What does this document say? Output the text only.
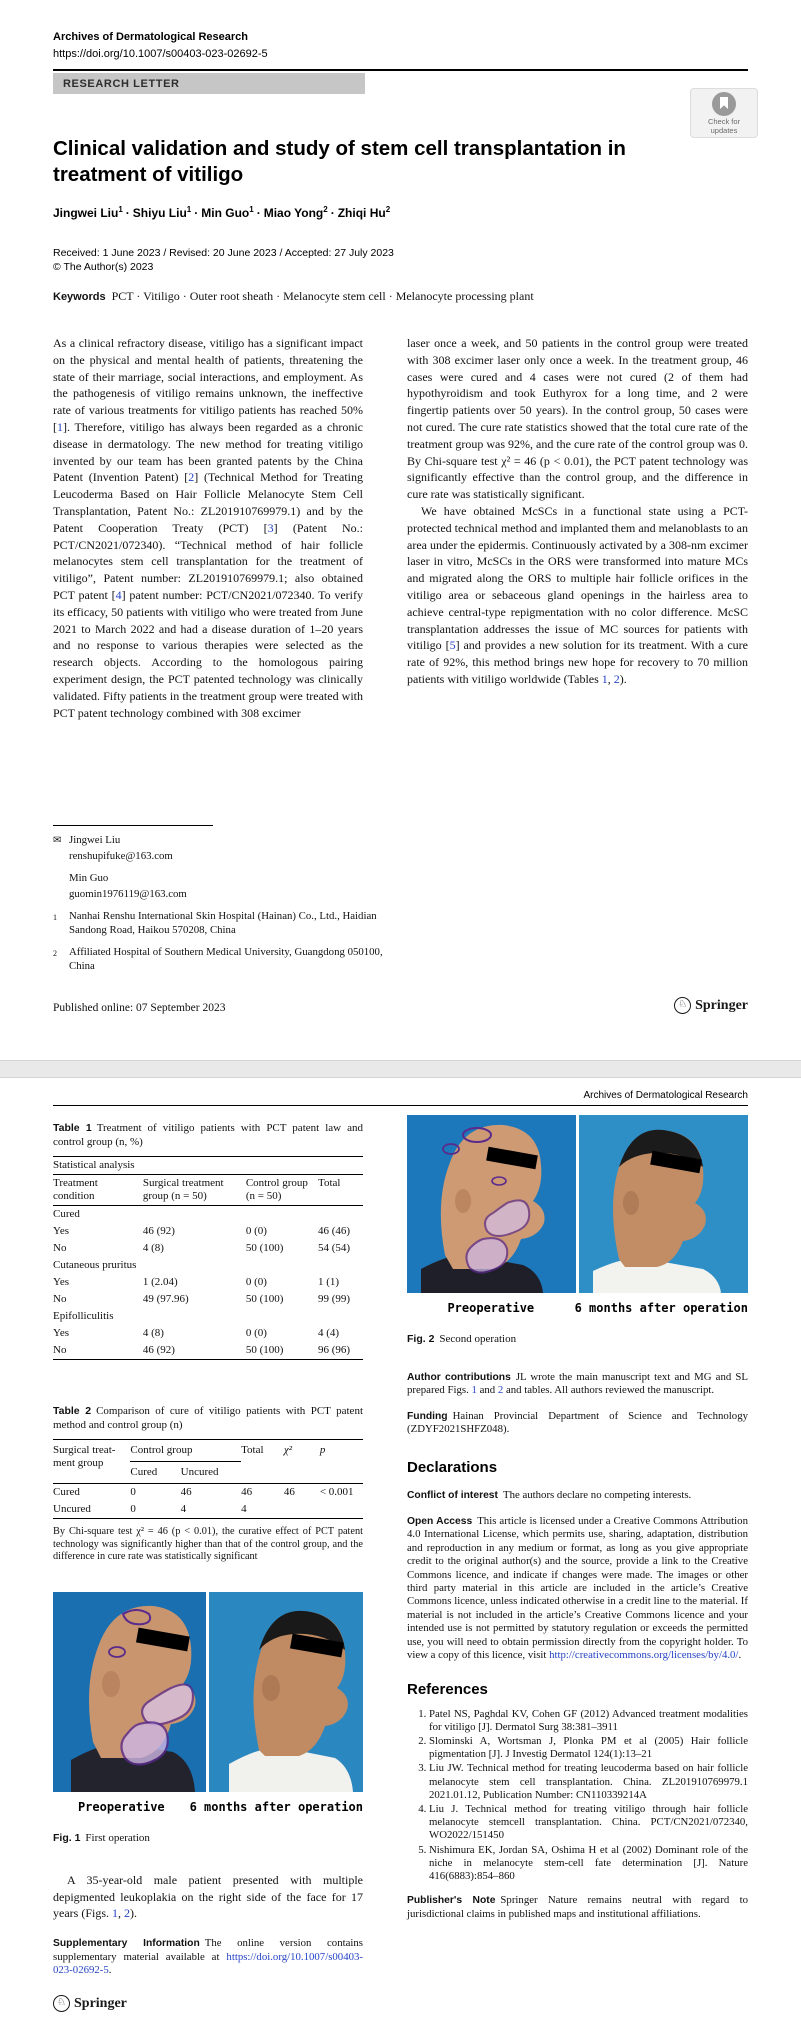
Archives of Dermatological Research
https://doi.org/10.1007/s00403-023-02692-5
RESEARCH LETTER
Check for
updates
Clinical validation and study of stem cell transplantation in treatment of vitiligo
Jingwei Liu$^1$ · Shiyu Liu$^1$ · Min Guo$^1$ · Miao Yong$^2$ · Zhiqi Hu$^2$
Received: 1 June 2023 / Revised: 20 June 2023 / Accepted: 27 July 2023
© The Author(s) 2023
Keywords PCT · Vitiligo · Outer root sheath · Melanocyte stem cell · Melanocyte processing plant

As a clinical refractory disease, vitiligo has a significant impact on the physical and mental health of patients, threatening the state of their marriage, social interactions, and employment. As the pathogenesis of vitiligo remains unknown, the ineffective rate of various treatments for vitiligo patients has reached 50% [1]. Therefore, vitiligo has always been regarded as a chronic disease in dermatology. The new method for treating vitiligo invented by our team has been granted patents by the China Patent (Invention Patent) [2] (Technical Method for Treating Leucoderma Based on Hair Follicle Melanocyte Stem Cell Transplantation, Patent No.: ZL201910769979.1) and by the Patent Cooperation Treaty (PCT) [3] (Patent No.: PCT/CN2021/072340). “Technical method of hair follicle melanocytes stem cell transplantation for the treatment of vitiligo”, Patent number: ZL201910769979.1; also obtained PCT patent [4] patent number: PCT/CN2021/072340. To verify its efficacy, 50 patients with vitiligo who were treated from June 2021 to March 2022 and had a disease duration of 1–20 years and no response to various therapies were selected as the research objects. According to the homologous pairing experiment design, the PCT patented technology was clinically validated. Fifty patients in the treatment group were treated with PCT patent technology combined with 308 excimer

laser once a week, and 50 patients in the control group were treated with 308 excimer laser only once a week. In the treatment group, 46 cases were cured and 4 cases were not cured (2 of them had hypothyroidism and took Euthyrox for a long time, and 2 were fingertip patients over 50 years). In the control group, 50 cases were not cured. The cure rate statistics showed that the total cure rate of the treatment group was 92%, and the cure rate of the control group was 0. By Chi-square test χ² = 46 (p < 0.01), the PCT patent technology was significantly effective than the control group, and the difference in cure rate was statistically significant.

We have obtained McSCs in a functional state using a PCT-protected technical method and implanted them and melanoblasts to an area under the epidermis. Continuously activated by a 308-nm excimer laser in vitro, McSCs in the ORS were transformed into mature MCs and migrated along the ORS to multiple hair follicle orifices in the vitiligo area or sebaceous gland openings in the hairless area to achieve central-type repigmentation with no color difference. McSC transplantation addresses the issue of MC sources for patients with vitiligo [5] and provides a new solution for its treatment. With a cure rate of 92%, this method brings new hope for recovery to 70 million patients with vitiligo worldwide (Tables 1, 2).

✉ Jingwei Liu
renshupifuke@163.com
Min Guo
guomin1976119@163.com
1	Nanhai Renshu International Skin Hospital (Hainan) Co., Ltd., Haidian Sandong Road, Haikou 570208, China
2	Affiliated Hospital of Southern Medical University, Guangdong 050100, China
Published online: 07 September 2023	♘ Springer
Archives of Dermatological Research
Table 1 Treatment of vitiligo patients with PCT patent law and control group (n, %)
Statistical analysis			
Treatment condition	Surgical treatment group (n = 50)	Control group (n = 50)	Total
Cured			
Yes	46 (92)	0 (0)	46 (46)
No	4 (8)	50 (100)	54 (54)
Cutaneous pruritus			
Yes	1 (2.04)	0 (0)	1 (1)
No	49 (97.96)	50 (100)	99 (99)
Epifolliculitis			
Yes	4 (8)	0 (0)	4 (4)
No	46 (92)	50 (100)	96 (96)
Table 2 Comparison of cure of vitiligo patients with PCT patent method and control group (n)
Surgical treat-ment group	Control group		Total	χ²	p
	Cured	Uncured			
Cured	0	46	46	46	< 0.001
Uncured	0	4	4		
By Chi-square test χ² = 46 (p < 0.01), the curative effect of PCT patent technology was significantly higher than that of the control group, and the difference in cure rate was statistically significant
Preoperative	6 months after operation
Fig. 1 First operation

A 35-year-old male patient presented with multiple depigmented leukoplakia on the right side of the face for 17 years (Figs. 1, 2).

Supplementary Information The online version contains supplementary material available at https://doi.org/10.1007/s00403-023-02692-5.
Preoperative	6 months after operation
Fig. 2 Second operation
Author contributions JL wrote the main manuscript text and MG and SL prepared Figs. 1 and 2 and tables. All authors reviewed the manuscript.
Funding Hainan Provincial Department of Science and Technology (ZDYF2021SHFZ048).
Declarations
Conflict of interest The authors declare no competing interests.
Open Access This article is licensed under a Creative Commons Attribution 4.0 International License, which permits use, sharing, adaptation, distribution and reproduction in any medium or format, as long as you give appropriate credit to the original author(s) and the source, provide a link to the Creative Commons licence, and indicate if changes were made. The images or other third party material in this article are included in the article’s Creative Commons licence, unless indicated otherwise in a credit line to the material. If material is not included in the article’s Creative Commons licence and your intended use is not permitted by statutory regulation or exceeds the permitted use, you will need to obtain permission directly from the copyright holder. To view a copy of this licence, visit http://creativecommons.org/licenses/by/4.0/.
References
1. Patel NS, Paghdal KV, Cohen GF (2012) Advanced treatment modalities for vitiligo [J]. Dermatol Surg 38:381–3911
2. Slominski A, Wortsman J, Plonka PM et al (2005) Hair follicle pigmentation [J]. J Investig Dermatol 124(1):13–21
3. Liu JW. Technical method for treating leucoderma based on hair follicle melanocyte stem cell transplantation. China. ZL201910769979.1 2021.01.12, Publication Number: CN110339214A
4. Liu J. Technical method for treating vitiligo through hair follicle melanocyte stemcell transplantation. China. PCT/CN2021/072340, WO2022/151450
5. Nishimura EK, Jordan SA, Oshima H et al (2002) Dominant role of the niche in melanocyte stem-cell fate determination [J]. Nature 416(6883):854–860
Publisher's Note Springer Nature remains neutral with regard to jurisdictional claims in published maps and institutional affiliations.
♘ Springer
